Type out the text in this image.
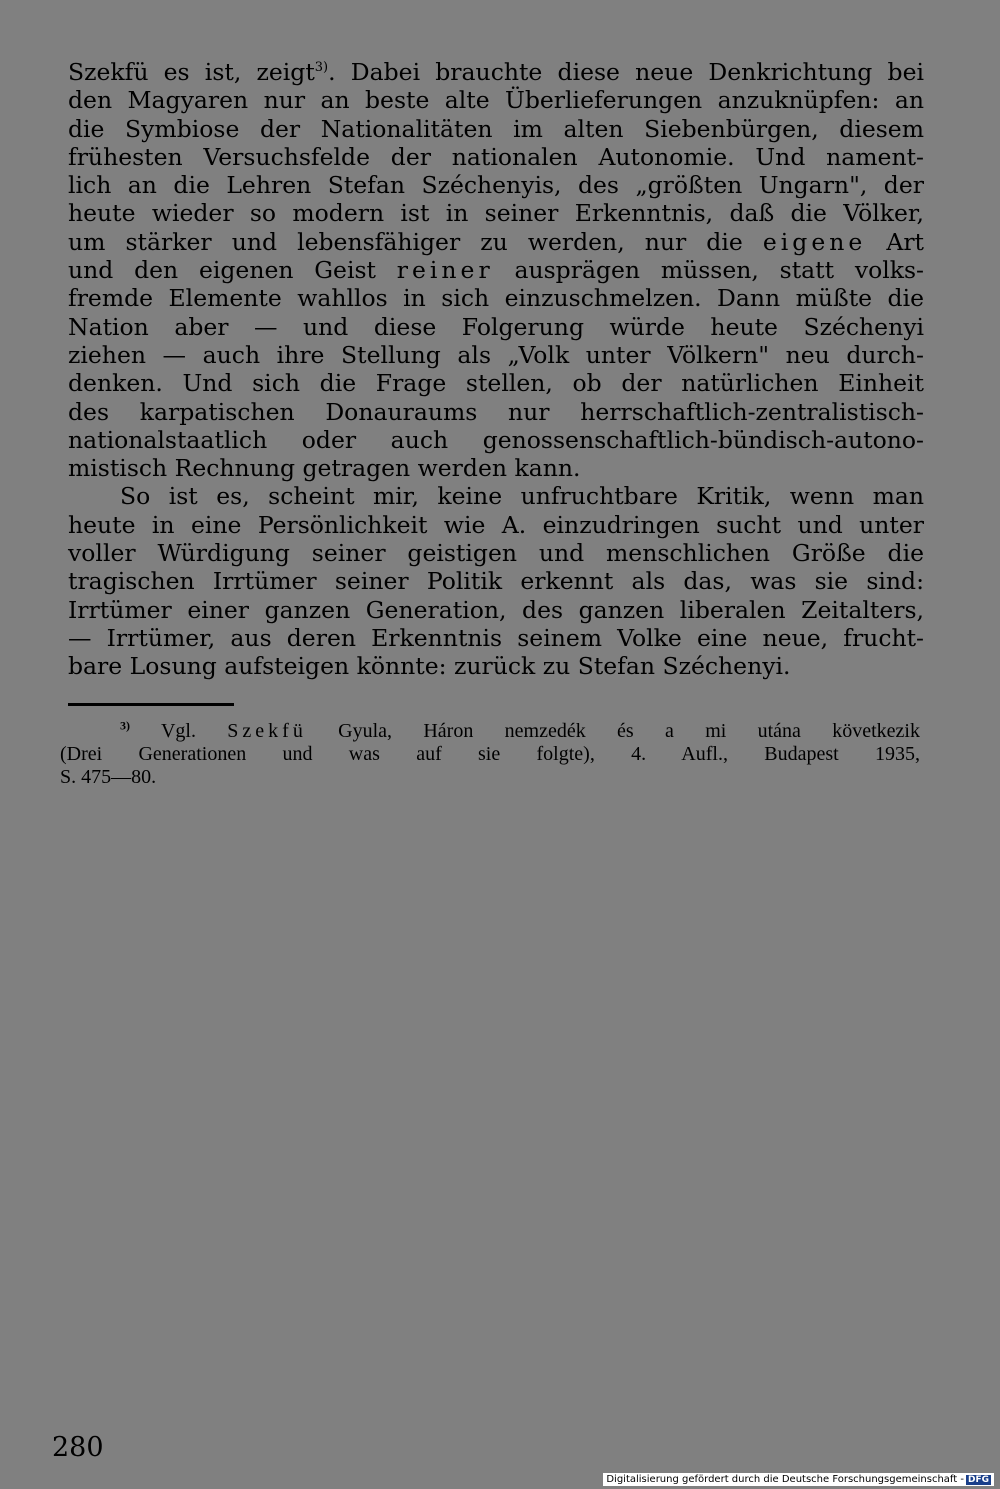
Szekfü es ist, zeigt$^{3)}$. Dabei brauchte diese neue Denkrichtung bei
den Magyaren nur an beste alte Überlieferungen anzuknüpfen: an
die Symbiose der Nationalitäten im alten Siebenbürgen, diesem
frühesten Versuchsfelde der nationalen Autonomie. Und nament-
lich an die Lehren Stefan Széchenyis, des „größten Ungarn", der
heute wieder so modern ist in seiner Erkenntnis, daß die Völker,
um stärker und lebensfähiger zu werden, nur die eigene Art
und den eigenen Geist reiner ausprägen müssen, statt volks-
fremde Elemente wahllos in sich einzuschmelzen. Dann müßte die
Nation aber — und diese Folgerung würde heute Széchenyi
ziehen — auch ihre Stellung als „Volk unter Völkern" neu durch-
denken. Und sich die Frage stellen, ob der natürlichen Einheit
des karpatischen Donauraums nur herrschaftlich-zentralistisch-
nationalstaatlich oder auch genossenschaftlich-bündisch-autono-
mistisch Rechnung getragen werden kann.
So ist es, scheint mir, keine unfruchtbare Kritik, wenn man
heute in eine Persönlichkeit wie A. einzudringen sucht und unter
voller Würdigung seiner geistigen und menschlichen Größe die
tragischen Irrtümer seiner Politik erkennt als das, was sie sind:
Irrtümer einer ganzen Generation, des ganzen liberalen Zeitalters,
— Irrtümer, aus deren Erkenntnis seinem Volke eine neue, frucht-
bare Losung aufsteigen könnte: zurück zu Stefan Széchenyi.
$^{3)}$ Vgl. Szekfü Gyula, Háron nemzedék és a mi utána következik
(Drei Generationen und was auf sie folgte), 4. Aufl., Budapest 1935,
S. 475—80.
280
Digitalisierung gefördert durch die Deutsche Forschungsgemeinschaft - DFG
